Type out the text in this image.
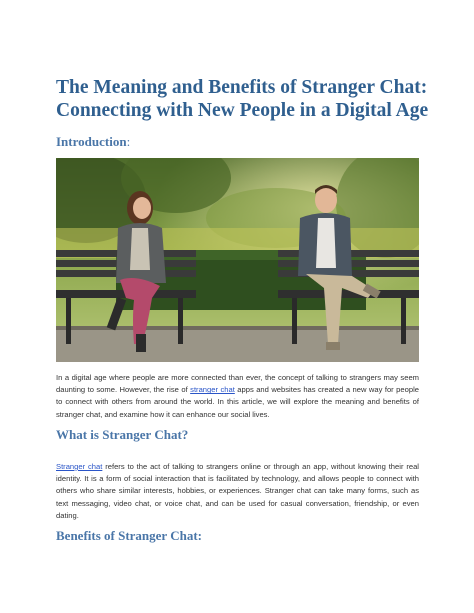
The Meaning and Benefits of Stranger Chat: Connecting with New People in a Digital Age
Introduction:

In a digital age where people are more connected than ever, the concept of talking to strangers may seem daunting to some. However, the rise of stranger chat apps and websites has created a new way for people to connect with others from around the world. In this article, we will explore the meaning and benefits of stranger chat, and examine how it can enhance our social lives.

What is Stranger Chat?

Stranger chat refers to the act of talking to strangers online or through an app, without knowing their real identity. It is a form of social interaction that is facilitated by technology, and allows people to connect with others who share similar interests, hobbies, or experiences. Stranger chat can take many forms, such as text messaging, video chat, or voice chat, and can be used for casual conversation, friendship, or even dating.

Benefits of Stranger Chat:
